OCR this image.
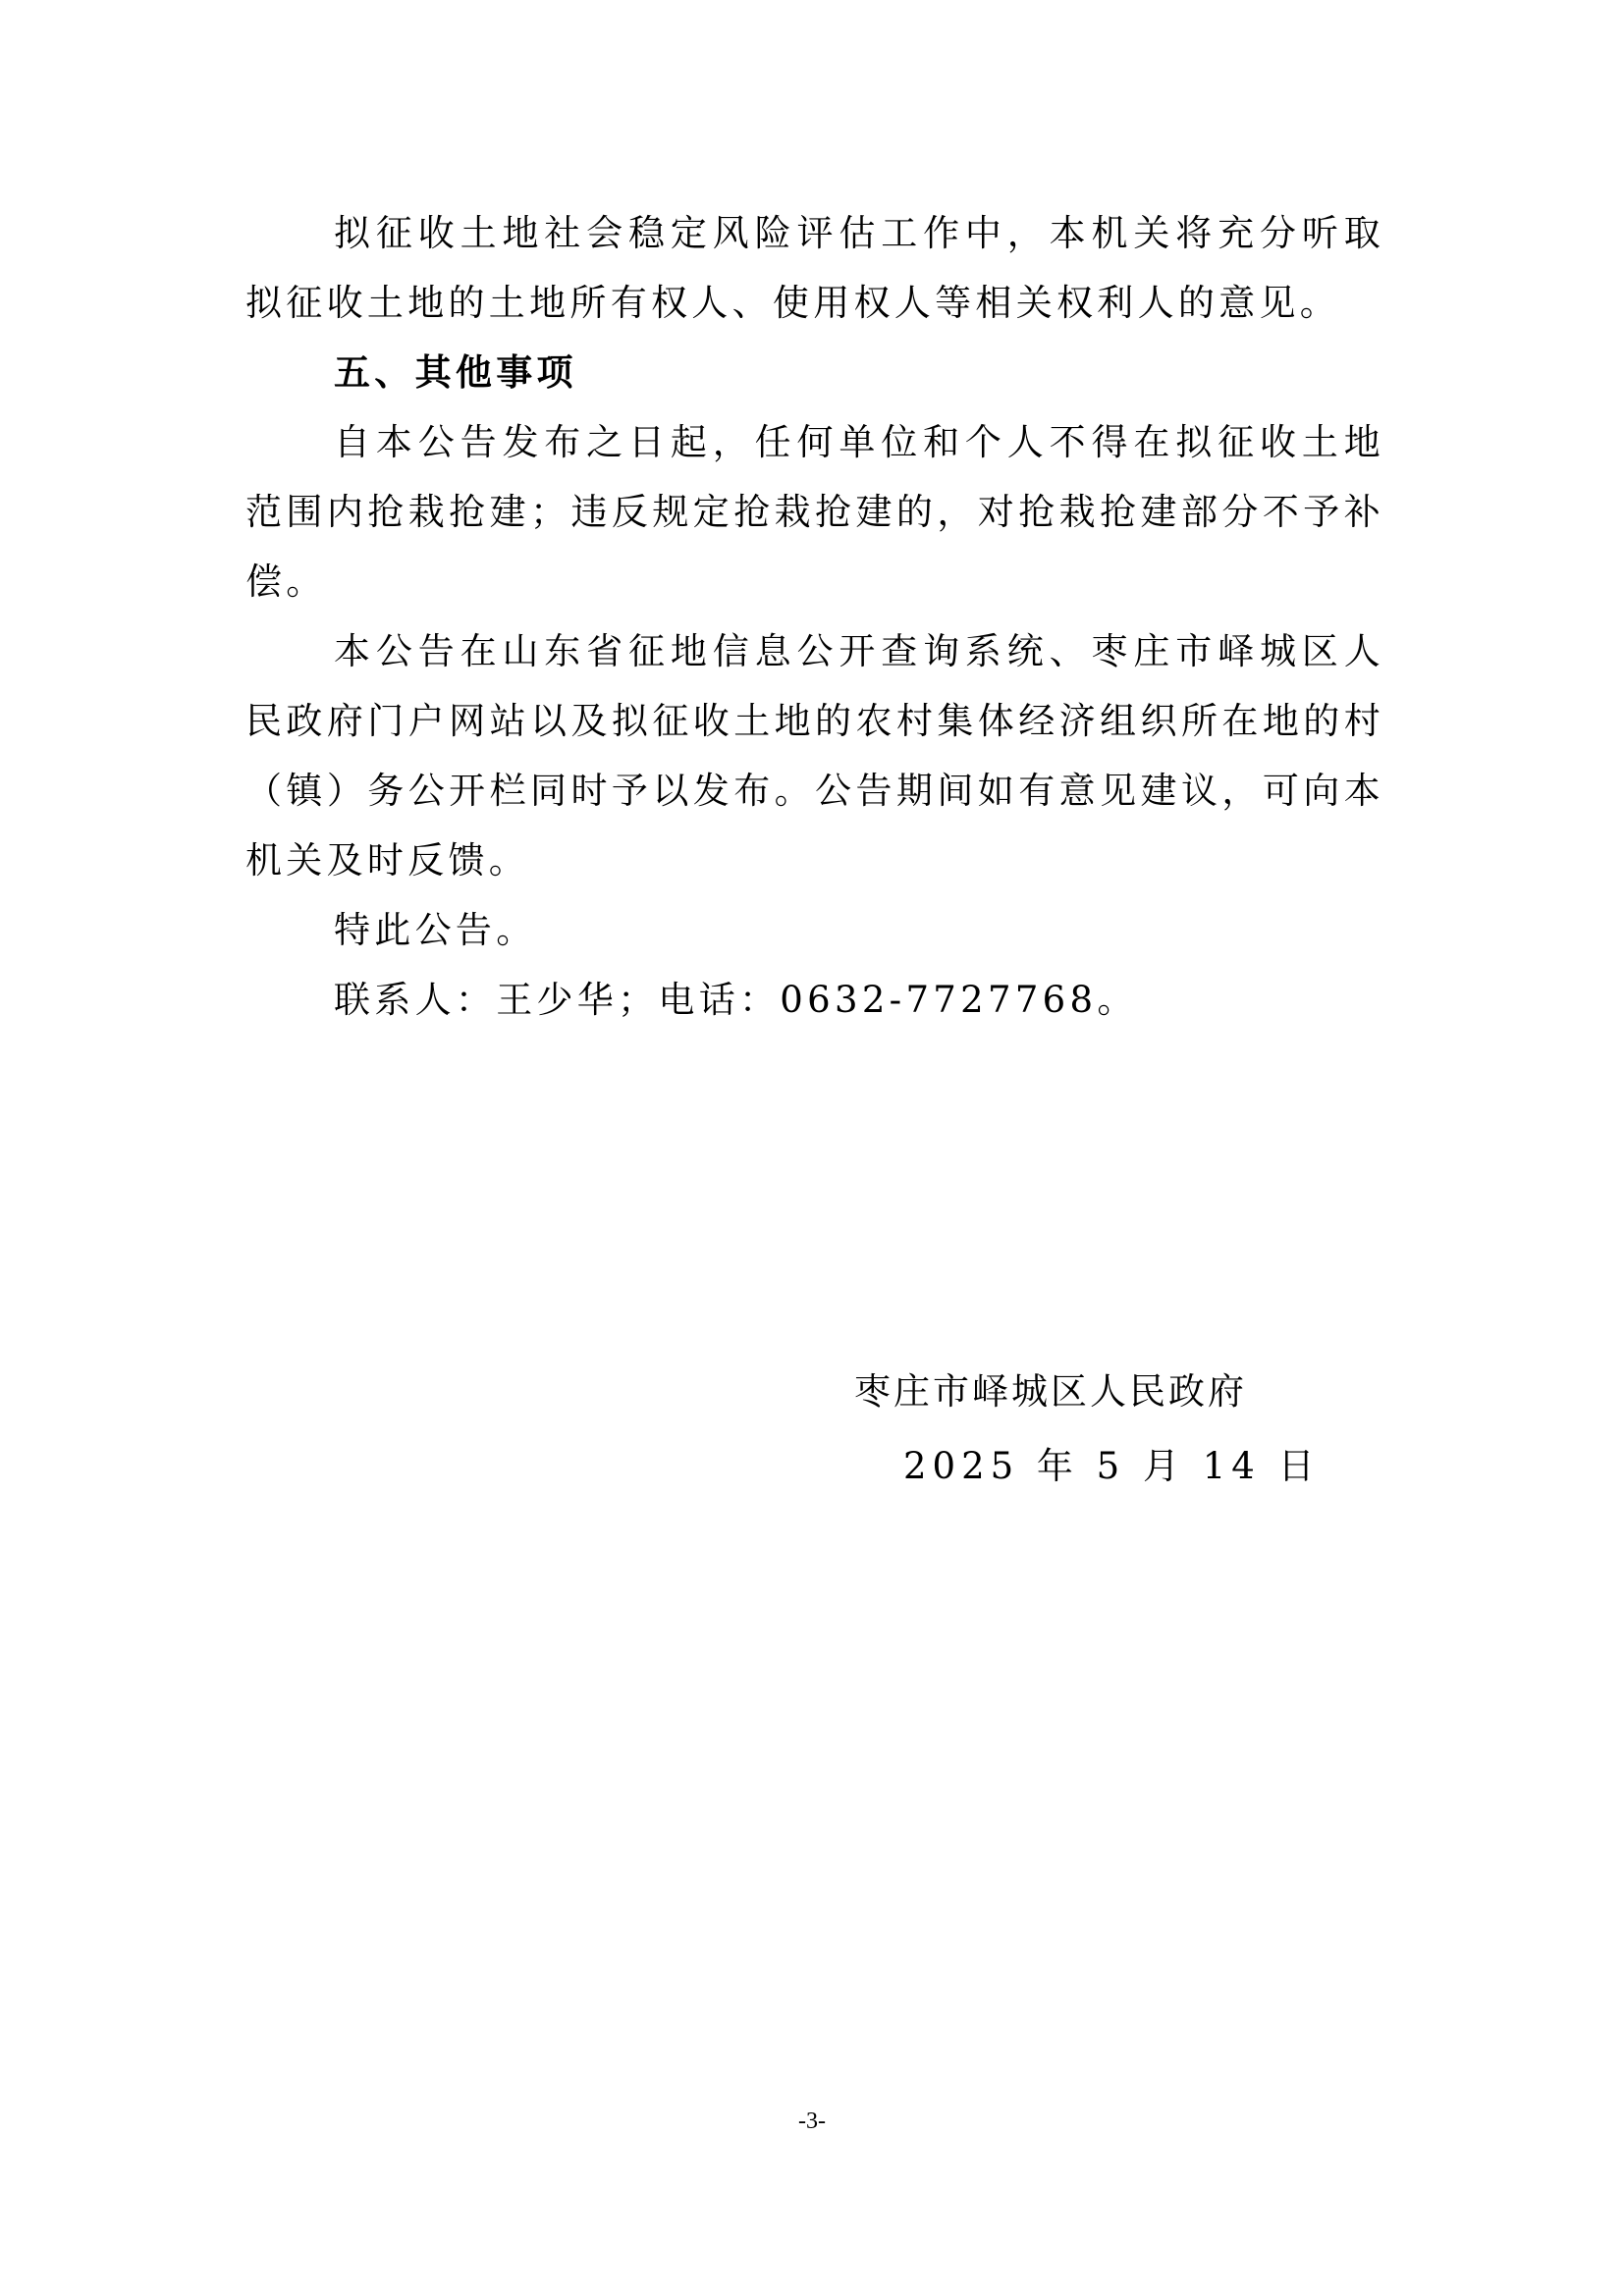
拟征收土地社会稳定风险评估工作中，本机关将充分听取拟征收土地的土地所有权人、使用权人等相关权利人的意见。

五、其他事项

自本公告发布之日起，任何单位和个人不得在拟征收土地范围内抢栽抢建；违反规定抢栽抢建的，对抢栽抢建部分不予补偿。

本公告在山东省征地信息公开查询系统、枣庄市峄城区人民政府门户网站以及拟征收土地的农村集体经济组织所在地的村（镇）务公开栏同时予以发布。公告期间如有意见建议，可向本机关及时反馈。

特此公告。

联系人：王少华；电话：0632-7727768。

枣庄市峄城区人民政府

2025 年 5 月 14 日

-3-
